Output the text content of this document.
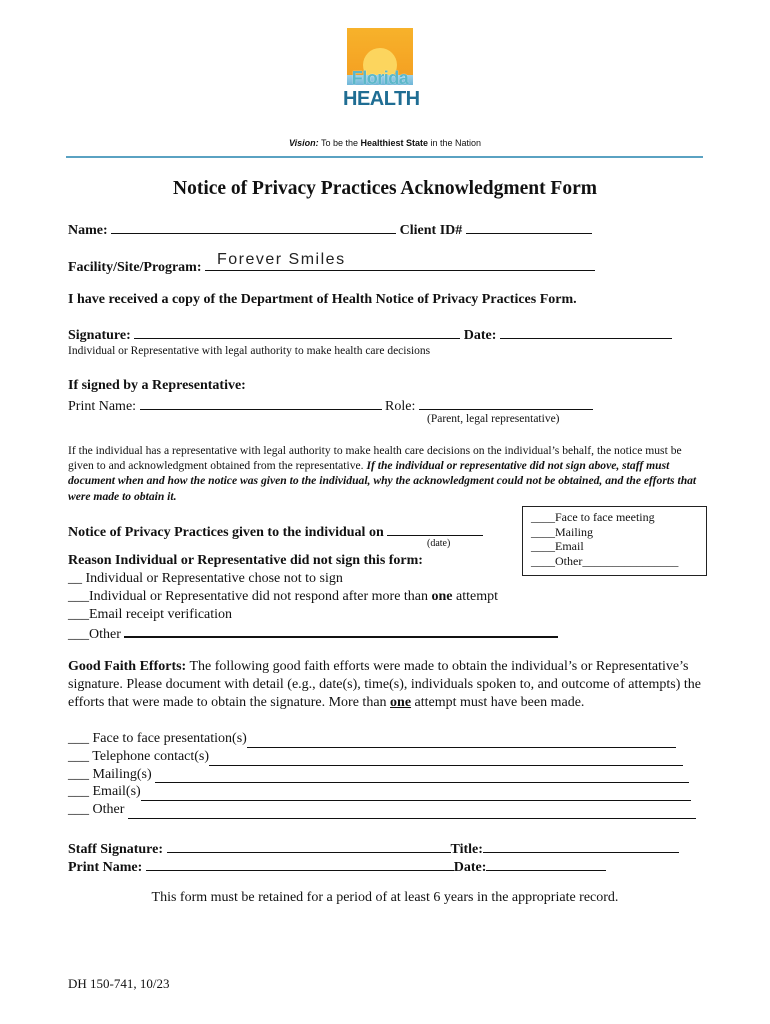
Florida
HEALTH
Vision: To be the Healthiest State in the Nation
Notice of Privacy Practices Acknowledgment Form
Name:	Client ID#
Facility/Site/Program: Forever Smiles
I have received a copy of the Department of Health Notice of Privacy Practices Form.
Signature:	Date:
Individual or Representative with legal authority to make health care decisions
If signed by a Representative:
Print Name:	Role:
(Parent, legal representative)
If the individual has a representative with legal authority to make health care decisions on the individual’s behalf, the notice must be given to and acknowledgment obtained from the representative. If the individual or representative did not sign above, staff must document when and how the notice was given to the individual, why the acknowledgment could not be obtained, and the efforts that were made to obtain it.
Notice of Privacy Practices given to the individual on
(date)
____Face to face meeting
____Mailing
____Email
____Other________________
Reason Individual or Representative did not sign this form:
__ Individual or Representative chose not to sign
___Individual or Representative did not respond after more than one attempt
___Email receipt verification
___Other
Good Faith Efforts: The following good faith efforts were made to obtain the individual’s or Representative’s signature. Please document with detail (e.g., date(s), time(s), individuals spoken to, and outcome of attempts) the efforts that were made to obtain the signature. More than one attempt must have been made.
___ Face to face presentation(s)
___ Telephone contact(s)
___ Mailing(s)
___ Email(s)
___ Other
Staff Signature:	Title:
Print Name:	Date:
This form must be retained for a period of at least 6 years in the appropriate record.
DH 150-741, 10/23
